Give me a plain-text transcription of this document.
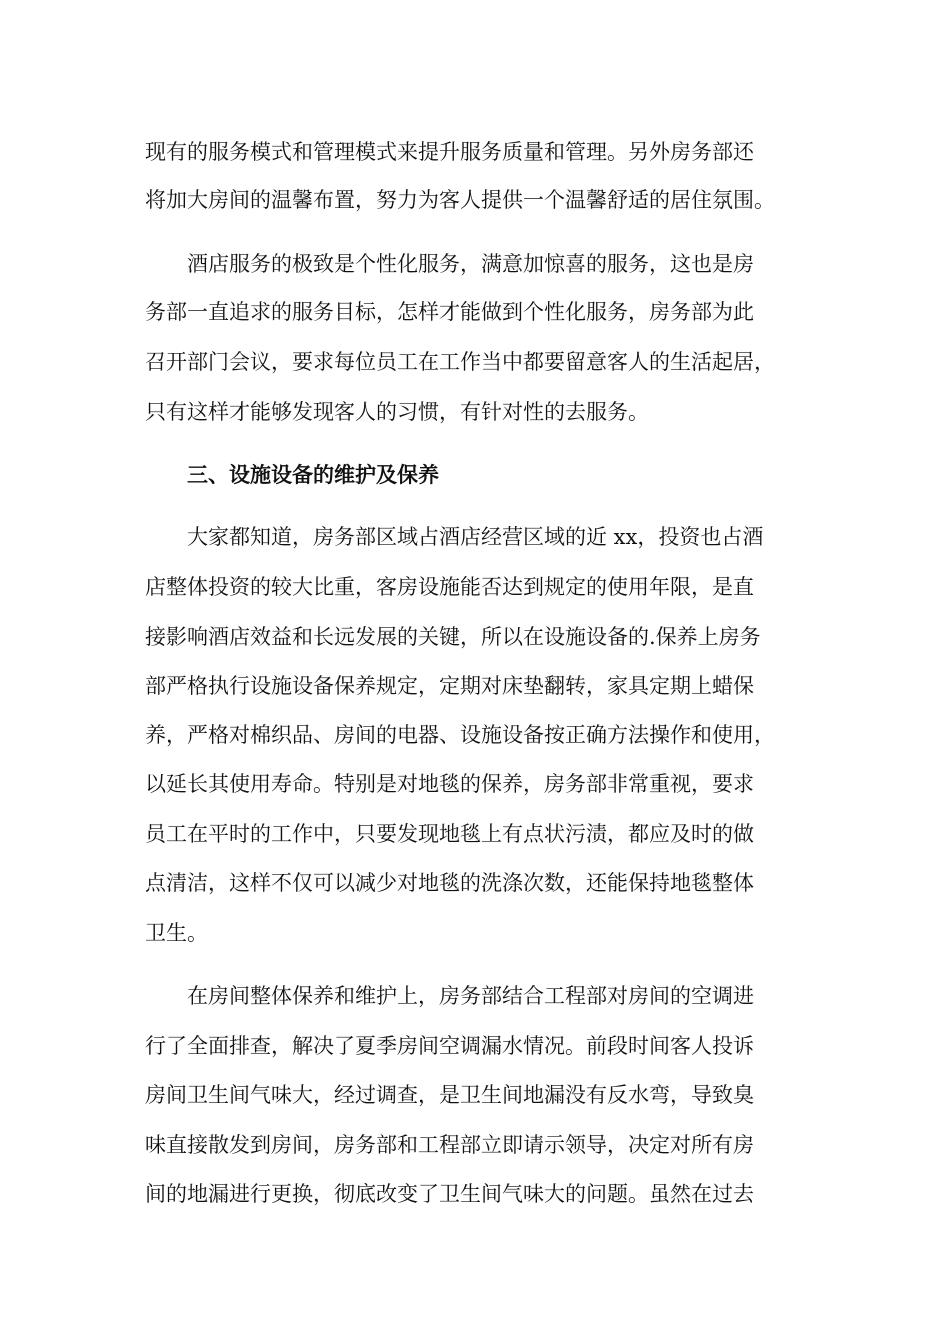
现有的服务模式和管理模式来提升服务质量和管理。另外房务部还
将加大房间的温馨布置，努力为客人提供一个温馨舒适的居住氛围。
酒店服务的极致是个性化服务，满意加惊喜的服务，这也是房
务部一直追求的服务目标，怎样才能做到个性化服务，房务部为此
召开部门会议，要求每位员工在工作当中都要留意客人的生活起居，
只有这样才能够发现客人的习惯，有针对性的去服务。
三、设施设备的维护及保养
大家都知道，房务部区域占酒店经营区域的近 xx，投资也占酒
店整体投资的较大比重，客房设施能否达到规定的使用年限，是直
接影响酒店效益和长远发展的关键，所以在设施设备的.保养上房务
部严格执行设施设备保养规定，定期对床垫翻转，家具定期上蜡保
养，严格对棉织品、房间的电器、设施设备按正确方法操作和使用，
以延长其使用寿命。特别是对地毯的保养，房务部非常重视，要求
员工在平时的工作中，只要发现地毯上有点状污渍，都应及时的做
点清洁，这样不仅可以减少对地毯的洗涤次数，还能保持地毯整体
卫生。
在房间整体保养和维护上，房务部结合工程部对房间的空调进
行了全面排查，解决了夏季房间空调漏水情况。前段时间客人投诉
房间卫生间气味大，经过调查，是卫生间地漏没有反水弯，导致臭
味直接散发到房间，房务部和工程部立即请示领导，决定对所有房
间的地漏进行更换，彻底改变了卫生间气味大的问题。虽然在过去
